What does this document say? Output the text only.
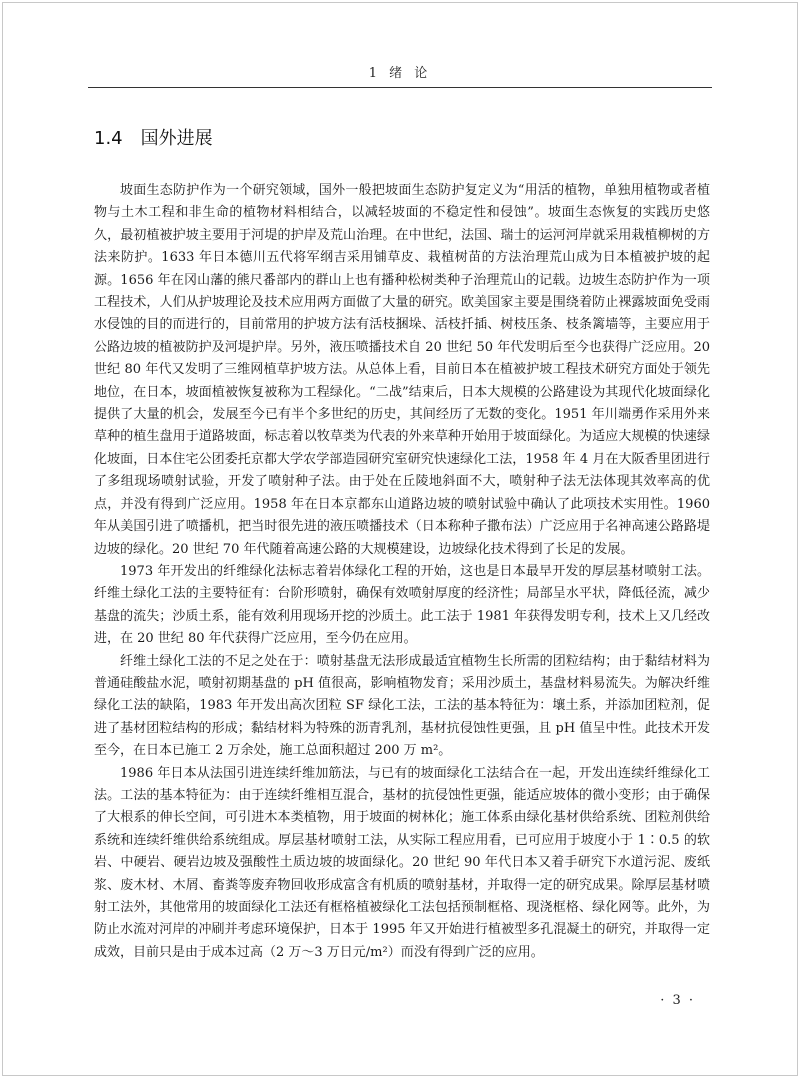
1 绪 论
1.4 国外进展

坡面生态防护作为一个研究领域，国外一般把坡面生态防护复定义为“用活的植物，单独用植物或者植物与土木工程和非生命的植物材料相结合，以减轻坡面的不稳定性和侵蚀”。坡面生态恢复的实践历史悠久，最初植被护坡主要用于河堤的护岸及荒山治理。在中世纪，法国、瑞士的运河河岸就采用栽植柳树的方法来防护。1633 年日本德川五代将军纲吉采用铺草皮、栽植树苗的方法治理荒山成为日本植被护坡的起源。1656 年在冈山藩的熊尺番部内的群山上也有播种松树类种子治理荒山的记载。边坡生态防护作为一项工程技术，人们从护坡理论及技术应用两方面做了大量的研究。欧美国家主要是围绕着防止裸露坡面免受雨水侵蚀的目的而进行的，目前常用的护坡方法有活枝捆垛、活枝扦插、树枝压条、枝条篱墙等，主要应用于公路边坡的植被防护及河堤护岸。另外，液压喷播技术自 20 世纪 50 年代发明后至今也获得广泛应用。20 世纪 80 年代又发明了三维网植草护坡方法。从总体上看，目前日本在植被护坡工程技术研究方面处于领先地位，在日本，坡面植被恢复被称为工程绿化。“二战”结束后，日本大规模的公路建设为其现代化坡面绿化提供了大量的机会，发展至今已有半个多世纪的历史，其间经历了无数的变化。1951 年川端勇作采用外来草种的植生盘用于道路坡面，标志着以牧草类为代表的外来草种开始用于坡面绿化。为适应大规模的快速绿化坡面，日本住宅公团委托京都大学农学部造园研究室研究快速绿化工法，1958 年 4 月在大阪香里团进行了多组现场喷射试验，开发了喷射种子法。由于处在丘陵地斜面不大，喷射种子法无法体现其效率高的优点，并没有得到广泛应用。1958 年在日本京都东山道路边坡的喷射试验中确认了此项技术实用性。1960 年从美国引进了喷播机，把当时很先进的液压喷播技术（日本称种子撒布法）广泛应用于名神高速公路路堤边坡的绿化。20 世纪 70 年代随着高速公路的大规模建设，边坡绿化技术得到了长足的发展。

1973 年开发出的纤维绿化法标志着岩体绿化工程的开始，这也是日本最早开发的厚层基材喷射工法。纤维土绿化工法的主要特征有：台阶形喷射，确保有效喷射厚度的经济性；局部呈水平状，降低径流，减少基盘的流失；沙质土系，能有效利用现场开挖的沙质土。此工法于 1981 年获得发明专利，技术上又几经改进，在 20 世纪 80 年代获得广泛应用，至今仍在应用。

纤维土绿化工法的不足之处在于：喷射基盘无法形成最适宜植物生长所需的团粒结构；由于黏结材料为普通硅酸盐水泥，喷射初期基盘的 pH 值很高，影响植物发育；采用沙质土，基盘材料易流失。为解决纤维绿化工法的缺陷，1983 年开发出高次团粒 SF 绿化工法，工法的基本特征为：壤土系，并添加团粒剂，促进了基材团粒结构的形成；黏结材料为特殊的沥青乳剂，基材抗侵蚀性更强，且 pH 值呈中性。此技术开发至今，在日本已施工 2 万余处，施工总面积超过 200 万 m²。

1986 年日本从法国引进连续纤维加筋法，与已有的坡面绿化工法结合在一起，开发出连续纤维绿化工法。工法的基本特征为：由于连续纤维相互混合，基材的抗侵蚀性更强，能适应坡体的微小变形；由于确保了大根系的伸长空间，可引进木本类植物，用于坡面的树林化；施工体系由绿化基材供给系统、团粒剂供给系统和连续纤维供给系统组成。厚层基材喷射工法，从实际工程应用看，已可应用于坡度小于 1∶0.5 的软岩、中硬岩、硬岩边坡及强酸性土质边坡的坡面绿化。20 世纪 90 年代日本又着手研究下水道污泥、废纸浆、废木材、木屑、畜粪等废弃物回收形成富含有机质的喷射基材，并取得一定的研究成果。除厚层基材喷射工法外，其他常用的坡面绿化工法还有框格植被绿化工法包括预制框格、现浇框格、绿化网等。此外，为防止水流对河岸的冲刷并考虑环境保护，日本于 1995 年又开始进行植被型多孔混凝土的研究，并取得一定成效，目前只是由于成本过高（2 万～3 万日元/m²）而没有得到广泛的应用。

· 3 ·
